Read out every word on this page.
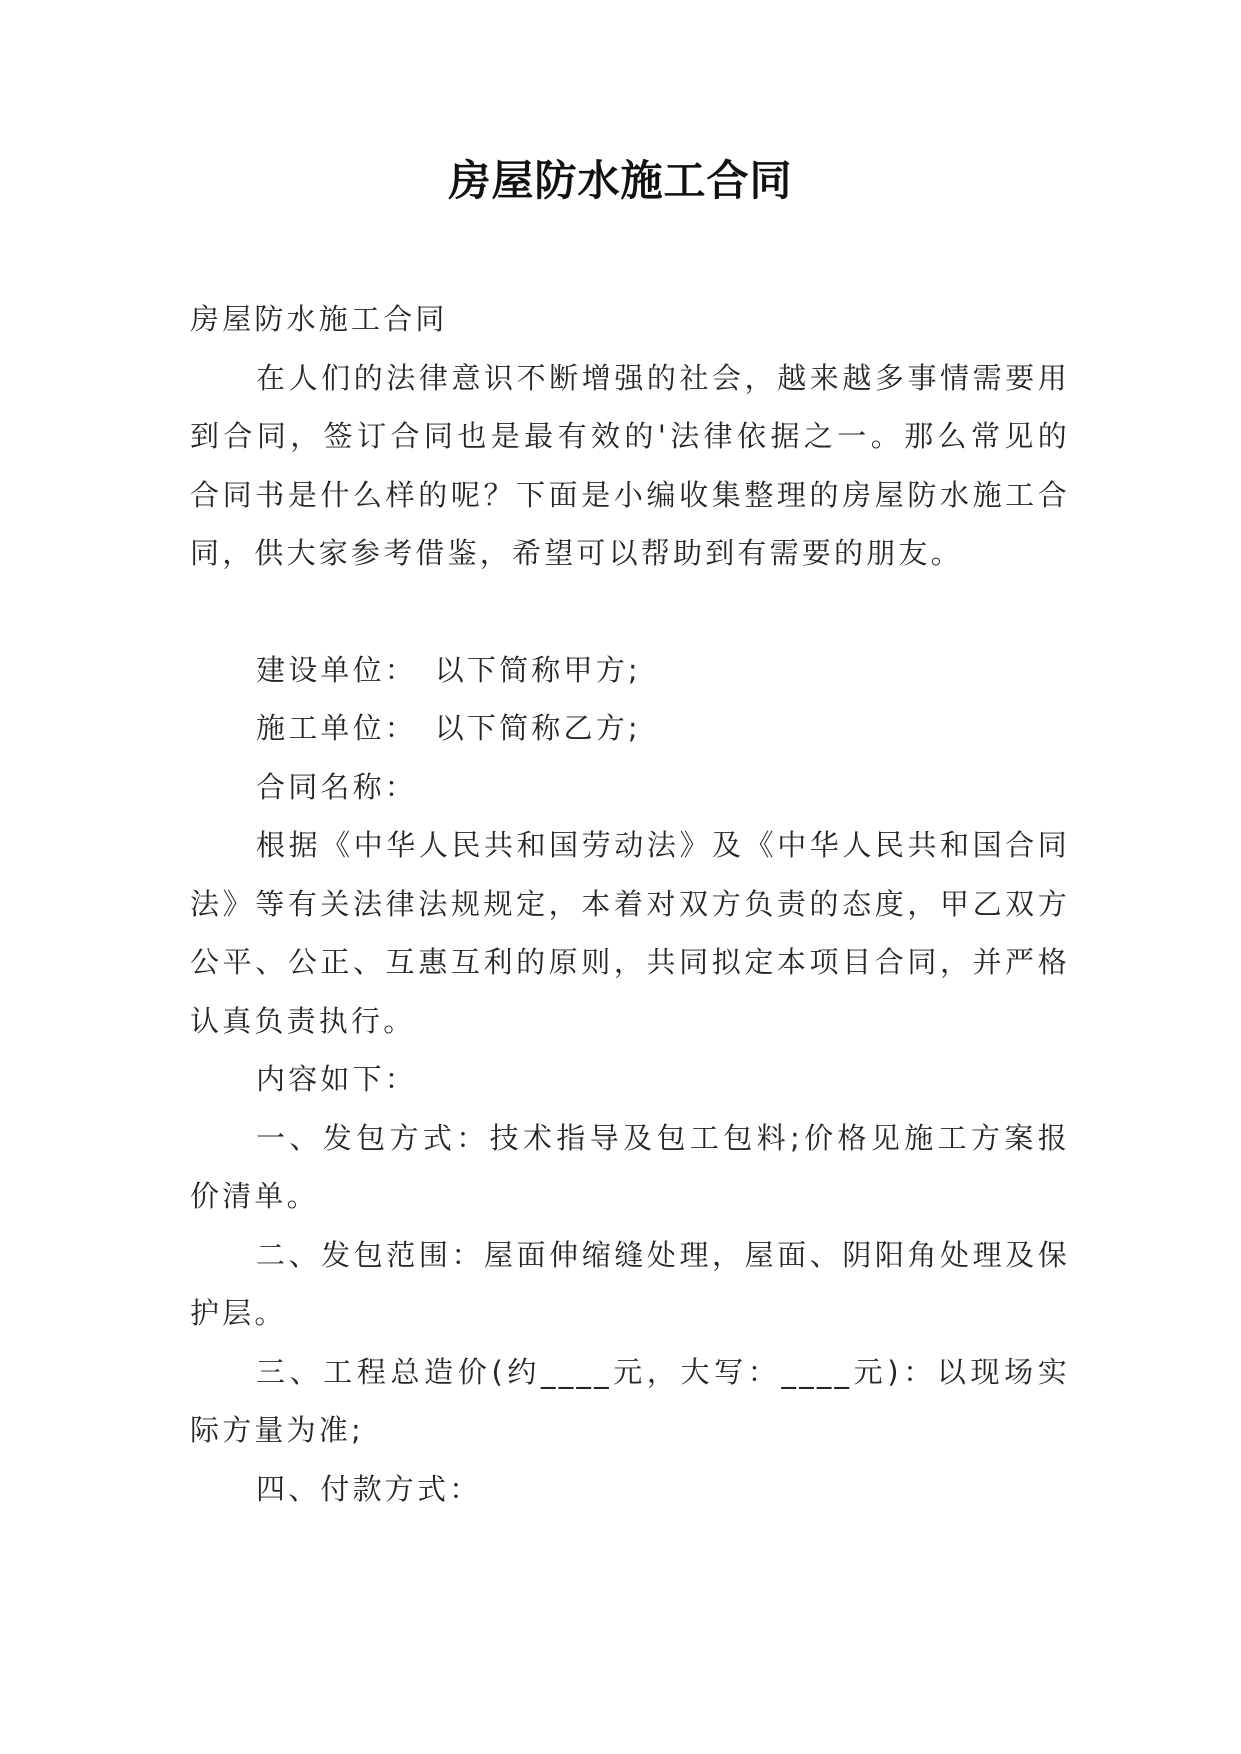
房屋防水施工合同

房屋防水施工合同

在人们的法律意识不断增强的社会，越来越多事情需要用到合同，签订合同也是最有效的'法律依据之一。那么常见的合同书是什么样的呢？下面是小编收集整理的房屋防水施工合同，供大家参考借鉴，希望可以帮助到有需要的朋友。

建设单位：　以下简称甲方;

施工单位：　以下简称乙方;

合同名称：

根据《中华人民共和国劳动法》及《中华人民共和国合同法》等有关法律法规规定，本着对双方负责的态度，甲乙双方公平、公正、互惠互利的原则，共同拟定本项目合同，并严格认真负责执行。

内容如下：

一、发包方式：技术指导及包工包料;价格见施工方案报价清单。

二、发包范围：屋面伸缩缝处理，屋面、阴阳角处理及保护层。

三、工程总造价(约____元，大写：____元)：以现场实际方量为准;

四、付款方式：
